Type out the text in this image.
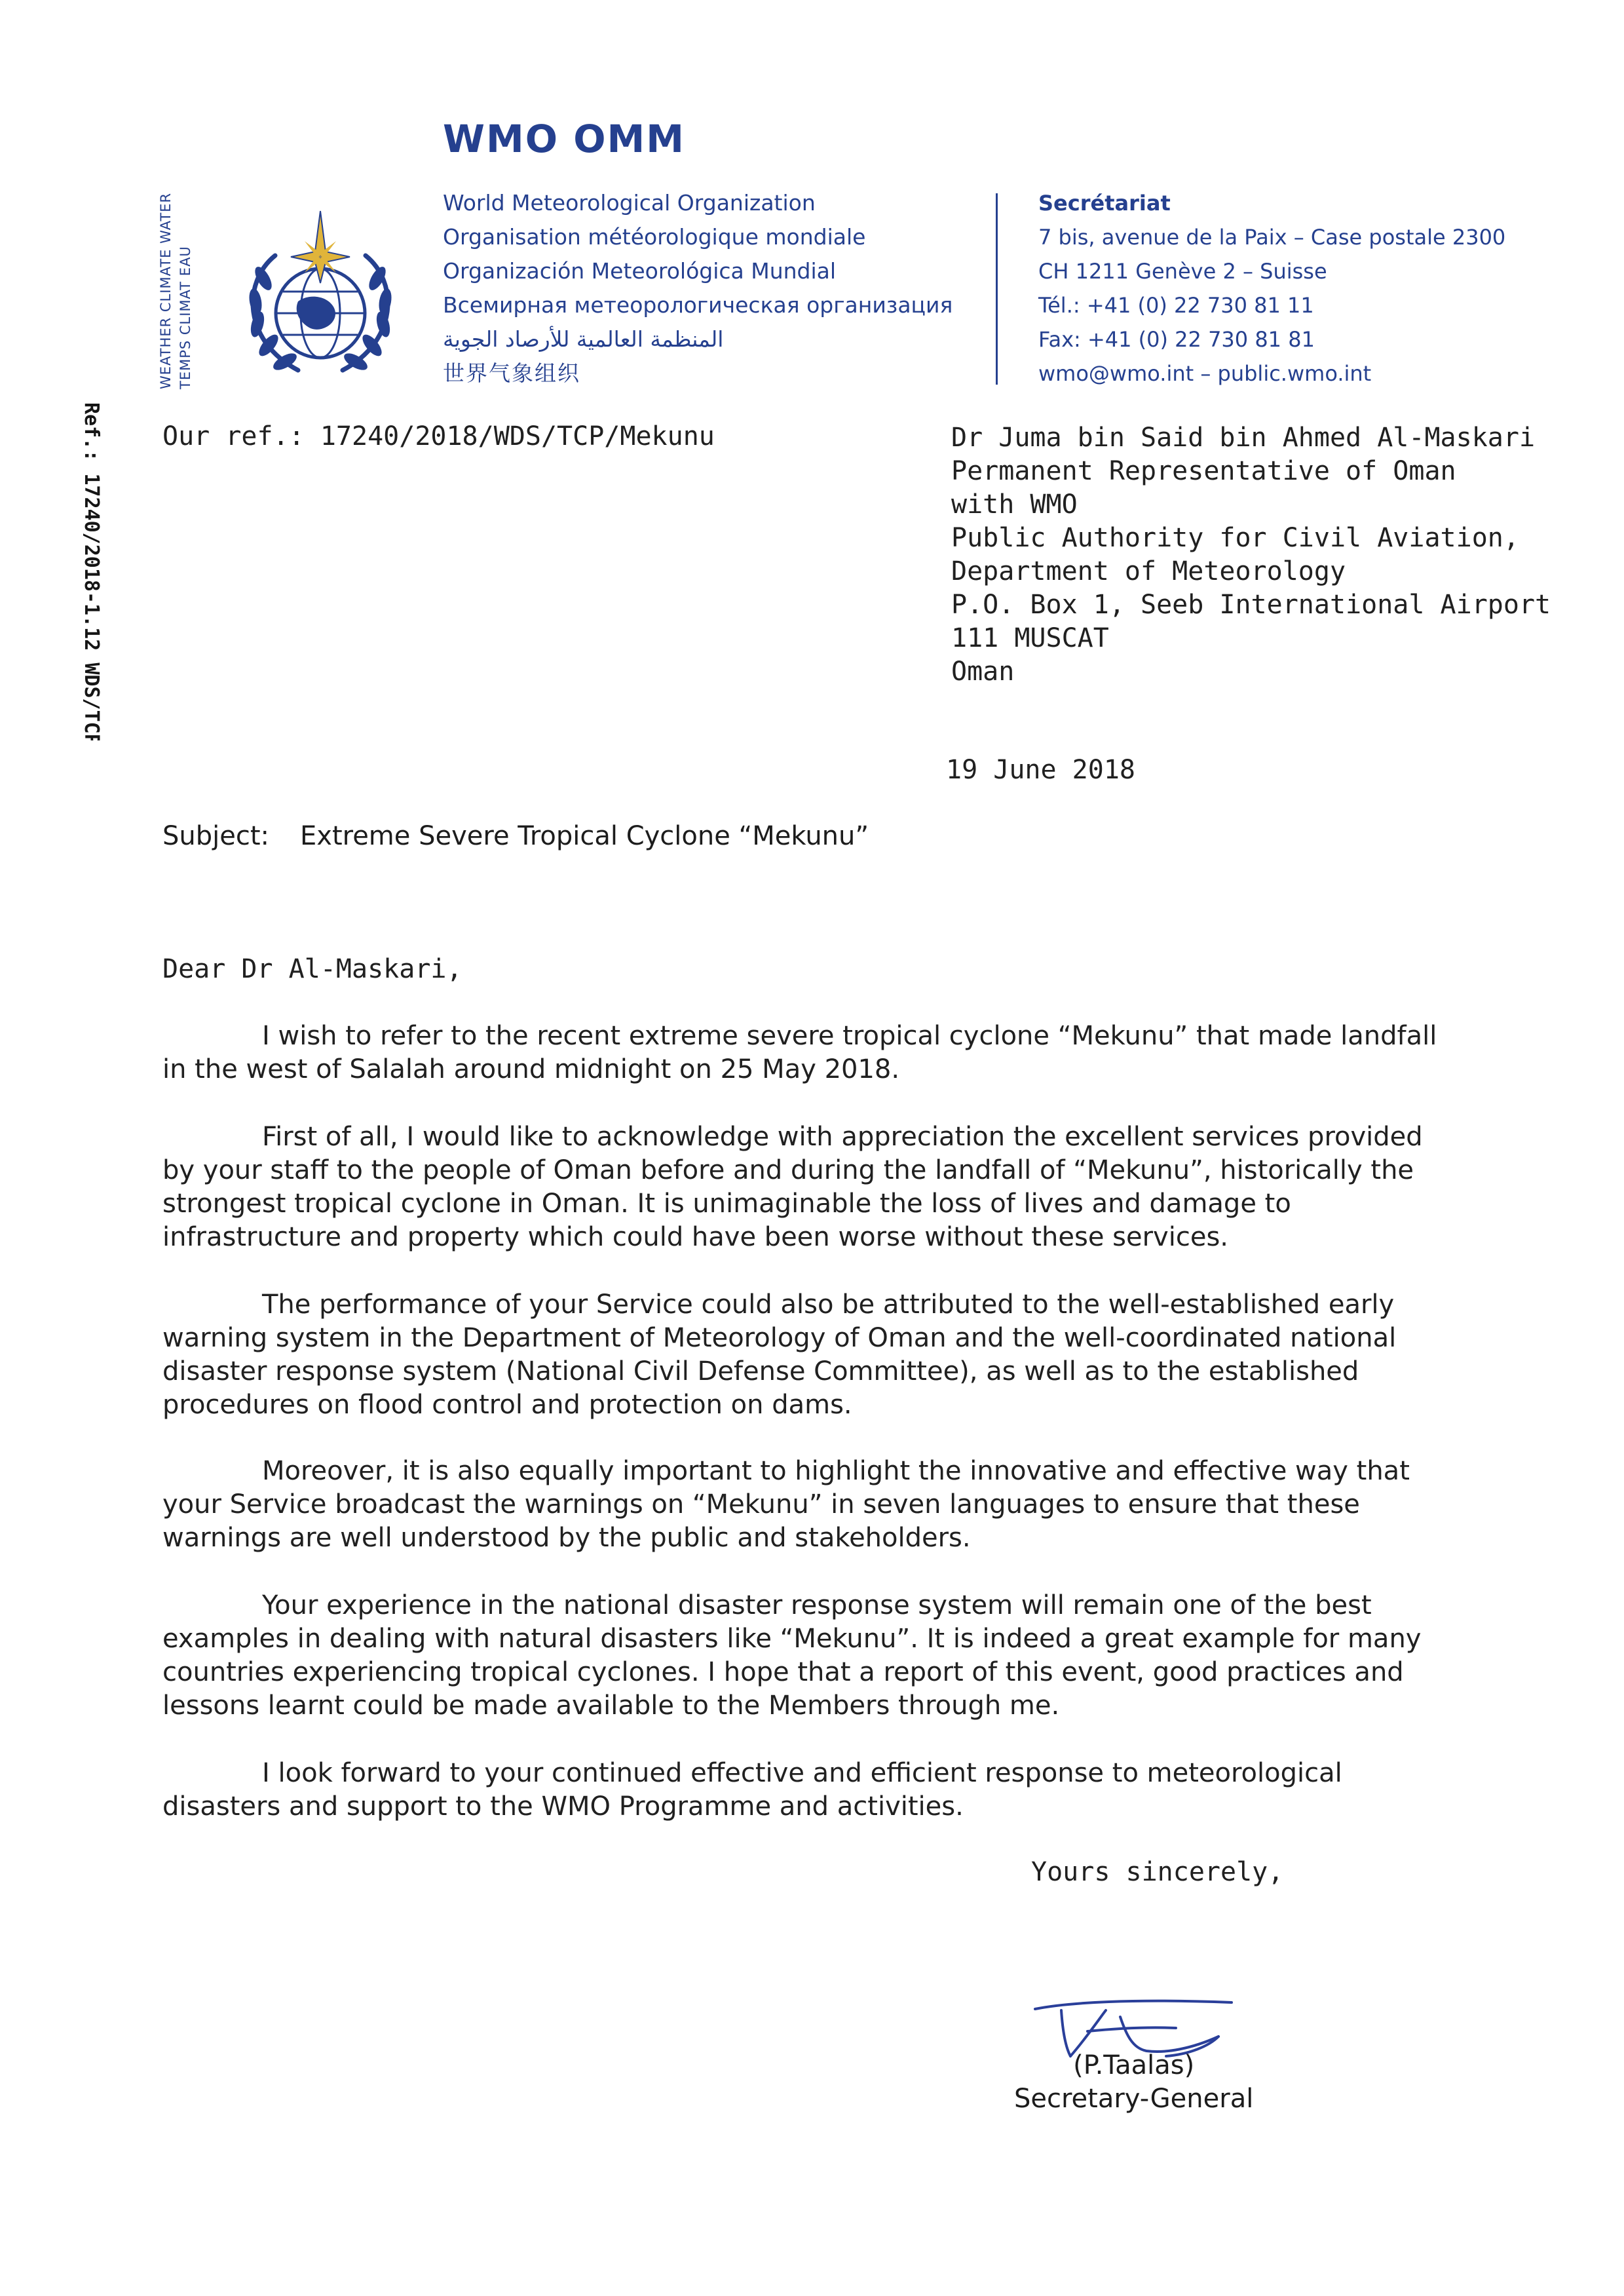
WMO OMM
WEATHER CLIMATE WATER TEMPS CLIMAT EAU
World Meteorological Organization
Organisation météorologique mondiale
Organización Meteorológica Mundial
Всемирная метеорологическая организация
المنظمة العالمية للأرصاد الجوية
世界气象组织
Secrétariat
7 bis, avenue de la Paix – Case postale 2300
CH 1211 Genève 2 – Suisse
Tél.: +41 (0) 22 730 81 11
Fax: +41 (0) 22 730 81 81
wmo@wmo.int – public.wmo.int
Ref.: 17240/2018-1.12 WDS/TCP Our ref.: 17240/2018/WDS/TCP/Mekunu	Dr Juma bin Said bin Ahmed Al-Maskari
Permanent Representative of Oman
with WMO
Public Authority for Civil Aviation,
Department of Meteorology
P.O. Box 1, Seeb International Airport
111 MUSCAT
Oman
19 June 2018
Subject: Extreme Severe Tropical Cyclone “Mekunu”
Dear Dr Al-Maskari,
I wish to refer to the recent extreme severe tropical cyclone “Mekunu” that made landfall
in the west of Salalah around midnight on 25 May 2018.
First of all, I would like to acknowledge with appreciation the excellent services provided
by your staff to the people of Oman before and during the landfall of “Mekunu”, historically the
strongest tropical cyclone in Oman. It is unimaginable the loss of lives and damage to
infrastructure and property which could have been worse without these services.
The performance of your Service could also be attributed to the well-established early
warning system in the Department of Meteorology of Oman and the well-coordinated national
disaster response system (National Civil Defense Committee), as well as to the established
procedures on flood control and protection on dams.
Moreover, it is also equally important to highlight the innovative and effective way that
your Service broadcast the warnings on “Mekunu” in seven languages to ensure that these
warnings are well understood by the public and stakeholders.
Your experience in the national disaster response system will remain one of the best
examples in dealing with natural disasters like “Mekunu”. It is indeed a great example for many
countries experiencing tropical cyclones. I hope that a report of this event, good practices and
lessons learnt could be made available to the Members through me.
I look forward to your continued effective and efficient response to meteorological
disasters and support to the WMO Programme and activities.
Yours sincerely,
(P.Taalas)
Secretary-General
